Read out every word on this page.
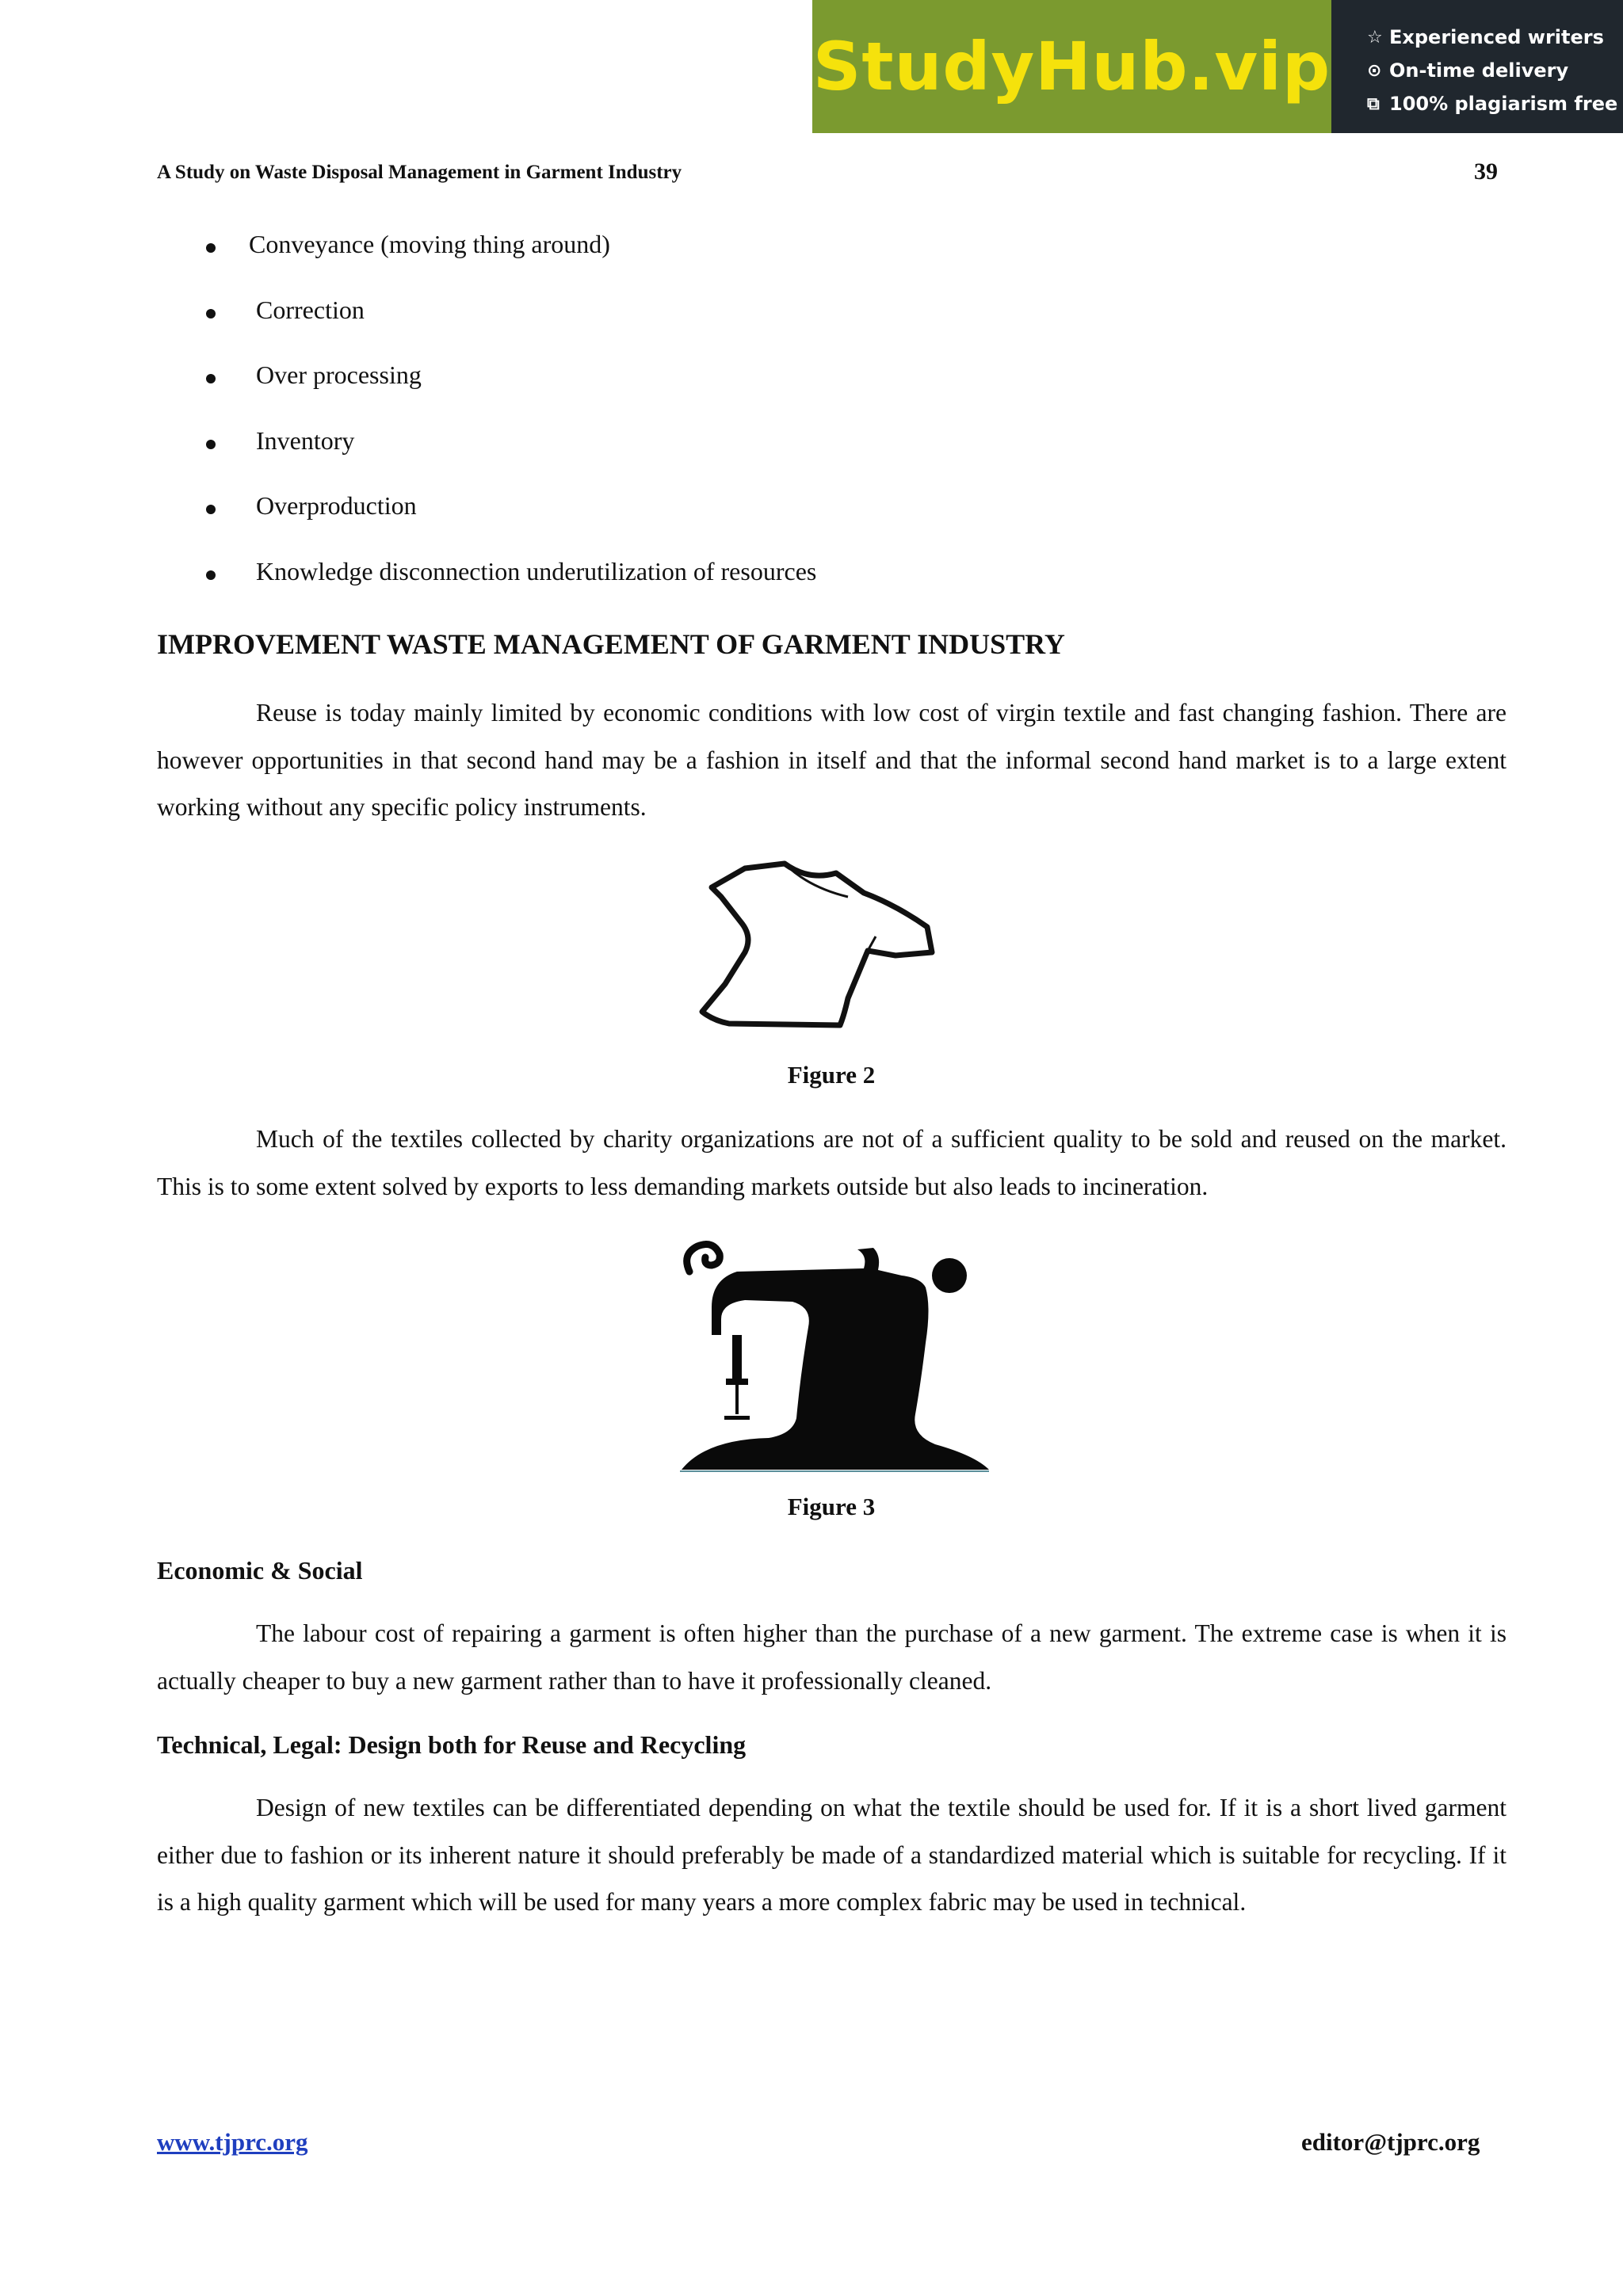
StudyHub.vip ☆ Experienced writers
⊙ On-time delivery
⧉ 100% plagiarism free
A Study on Waste Disposal Management in Garment Industry	39
Conveyance (moving thing around)
Correction
Over processing
Inventory
Overproduction
Knowledge disconnection underutilization of resources
IMPROVEMENT WASTE MANAGEMENT OF GARMENT INDUSTRY

Reuse is today mainly limited by economic conditions with low cost of virgin textile and fast changing fashion. There are however opportunities in that second hand may be a fashion in itself and that the informal second hand market is to a large extent working without any specific policy instruments.

Figure 2

Much of the textiles collected by charity organizations are not of a sufficient quality to be sold and reused on the market. This is to some extent solved by exports to less demanding markets outside but also leads to incineration.

Figure 3
Economic & Social

The labour cost of repairing a garment is often higher than the purchase of a new garment. The extreme case is when it is actually cheaper to buy a new garment rather than to have it professionally cleaned.

Technical, Legal: Design both for Reuse and Recycling

Design of new textiles can be differentiated depending on what the textile should be used for. If it is a short lived garment either due to fashion or its inherent nature it should preferably be made of a standardized material which is suitable for recycling. If it is a high quality garment which will be used for many years a more complex fabric may be used in technical.

www.tjprc.org	editor@tjprc.org
